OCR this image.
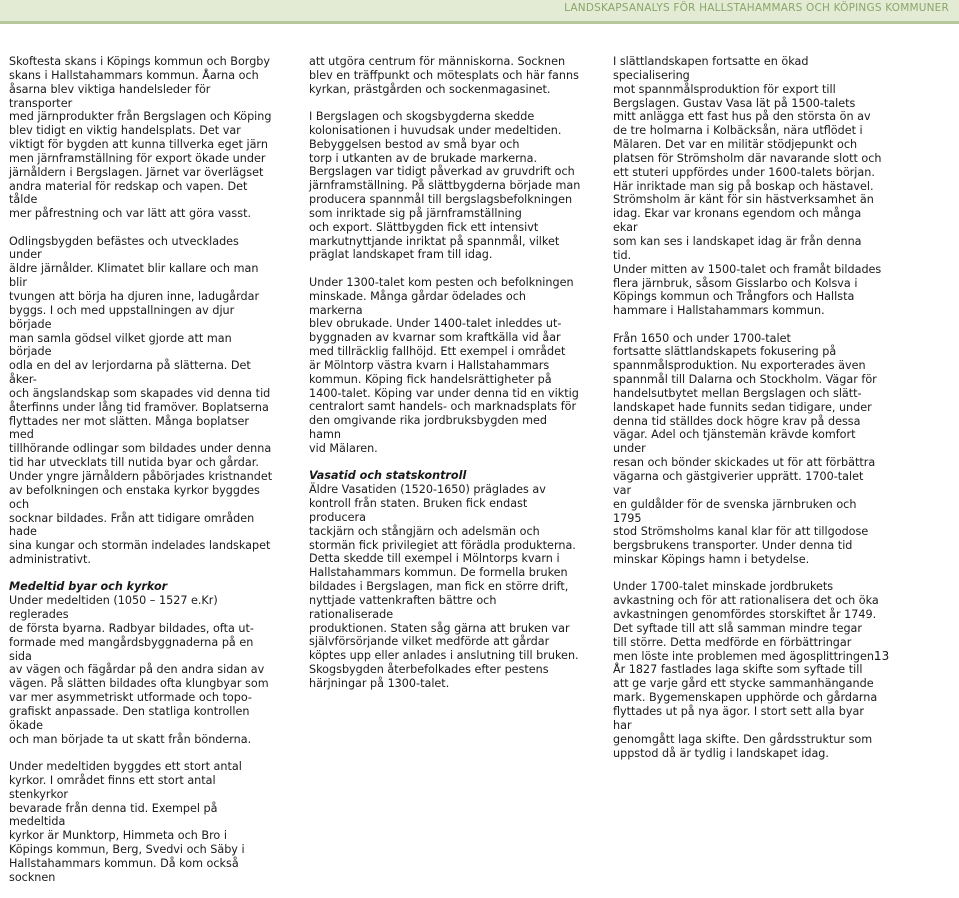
LANDSKAPSANALYS FÖR HALLSTAHAMMARS OCH KÖPINGS KOMMUNER

Skoftesta skans i Köpings kommun och Borgby
skans i Hallstahammars kommun. Åarna och
åsarna blev viktiga handelsleder för transporter
med järnprodukter från Bergslagen och Köping
blev tidigt en viktig handelsplats. Det var
viktigt för bygden att kunna tillverka eget järn
men järnframställning för export ökade under
järnåldern i Bergslagen. Järnet var överlägset
andra material för redskap och vapen. Det tålde
mer påfrestning och var lätt att göra vasst.

Odlingsbygden befästes och utvecklades under
äldre järnålder. Klimatet blir kallare och man blir
tvungen att börja ha djuren inne, ladugårdar
byggs. I och med uppstallningen av djur började
man samla gödsel vilket gjorde att man började
odla en del av lerjordarna på slätterna. Det åker-
och ängslandskap som skapades vid denna tid
återfinns under lång tid framöver. Boplatserna
flyttades ner mot slätten. Många boplatser med
tillhörande odlingar som bildades under denna
tid har utvecklats till nutida byar och gårdar.
Under yngre järnåldern påbörjades kristnandet
av befolkningen och enstaka kyrkor byggdes och
socknar bildades. Från att tidigare områden hade
sina kungar och stormän indelades landskapet
administrativt.

Medeltid byar och kyrkor

Under medeltiden (1050 – 1527 e.Kr) reglerades
de första byarna. Radbyar bildades, ofta ut-
formade med mangårdsbyggnaderna på en sida
av vägen och fägårdar på den andra sidan av
vägen. På slätten bildades ofta klungbyar som
var mer asymmetriskt utformade och topo-
grafiskt anpassade. Den statliga kontrollen ökade
och man började ta ut skatt från bönderna.

Under medeltiden byggdes ett stort antal
kyrkor. I området finns ett stort antal stenkyrkor
bevarade från denna tid. Exempel på medeltida
kyrkor är Munktorp, Himmeta och Bro i
Köpings kommun, Berg, Svedvi och Säby i
Hallstahammars kommun. Då kom också socknen

att utgöra centrum för människorna. Socknen
blev en träffpunkt och mötesplats och här fanns
kyrkan, prästgården och sockenmagasinet.

I Bergslagen och skogsbygderna skedde
kolonisationen i huvudsak under medeltiden.
Bebyggelsen bestod av små byar och
torp i utkanten av de brukade markerna.
Bergslagen var tidigt påverkad av gruvdrift och
järnframställning. På slättbygderna började man
producera spannmål till bergslagsbefolkningen
som inriktade sig på järnframställning
och export. Slättbygden fick ett intensivt
markutnyttjande inriktat på spannmål, vilket
präglat landskapet fram till idag.

Under 1300-talet kom pesten och befolkningen
minskade. Många gårdar ödelades och markerna
blev obrukade. Under 1400-talet inleddes ut-
byggnaden av kvarnar som kraftkälla vid åar
med tillräcklig fallhöjd. Ett exempel i området
är Mölntorp västra kvarn i Hallstahammars
kommun. Köping fick handelsrättigheter på
1400-talet. Köping var under denna tid en viktig
centralort samt handels- och marknadsplats för
den omgivande rika jordbruksbygden med hamn
vid Mälaren.

Vasatid och statskontroll

Äldre Vasatiden (1520-1650) präglades av
kontroll från staten. Bruken fick endast producera
tackjärn och stångjärn och adelsmän och
stormän fick privilegiet att förädla produkterna.
Detta skedde till exempel i Mölntorps kvarn i
Hallstahammars kommun. De formella bruken
bildades i Bergslagen, man fick en större drift,
nyttjade vattenkraften bättre och rationaliserade
produktionen. Staten såg gärna att bruken var
självförsörjande vilket medförde att gårdar
köptes upp eller anlades i anslutning till bruken.
Skogsbygden återbefolkades efter pestens
härjningar på 1300-talet.

I slättlandskapen fortsatte en ökad specialisering
mot spannmålsproduktion för export till
Bergslagen. Gustav Vasa lät på 1500-talets
mitt anlägga ett fast hus på den största ön av
de tre holmarna i Kolbäcksån, nära utflödet i
Mälaren. Det var en militär stödjepunkt och
platsen för Strömsholm där navarande slott och
ett stuteri uppfördes under 1600-talets början.
Här inriktade man sig på boskap och hästavel.
Strömsholm är känt för sin hästverksamhet än
idag. Ekar var kronans egendom och många ekar
som kan ses i landskapet idag är från denna tid.
Under mitten av 1500-talet och framåt bildades
flera järnbruk, såsom Gisslarbo och Kolsva i
Köpings kommun och Trångfors och Hallsta
hammare i Hallstahammars kommun.

Från 1650 och under 1700-talet
fortsatte slättlandskapets fokusering på
spannmålsproduktion. Nu exporterades även
spannmål till Dalarna och Stockholm. Vägar för
handelsutbytet mellan Bergslagen och slätt-
landskapet hade funnits sedan tidigare, under
denna tid ställdes dock högre krav på dessa
vägar. Adel och tjänstemän krävde komfort under
resan och bönder skickades ut för att förbättra
vägarna och gästgiverier upprätt. 1700-talet var
en guldålder för de svenska järnbruken och 1795
stod Strömsholms kanal klar för att tillgodose
bergsbrukens transporter. Under denna tid
minskar Köpings hamn i betydelse.

Under 1700-talet minskade jordbrukets
avkastning och för att rationalisera det och öka
avkastningen genomfördes storskiftet år 1749.
Det syftade till att slå samman mindre tegar
till större. Detta medförde en förbättringar
men löste inte problemen med ägosplittringen.
År 1827 fastlades laga skifte som syftade till
att ge varje gård ett stycke sammanhängande
mark. Bygemenskapen upphörde och gårdarna
flyttades ut på nya ägor. I stort sett alla byar har
genomgått laga skifte. Den gårdsstruktur som
uppstod då är tydlig i landskapet idag.

13
